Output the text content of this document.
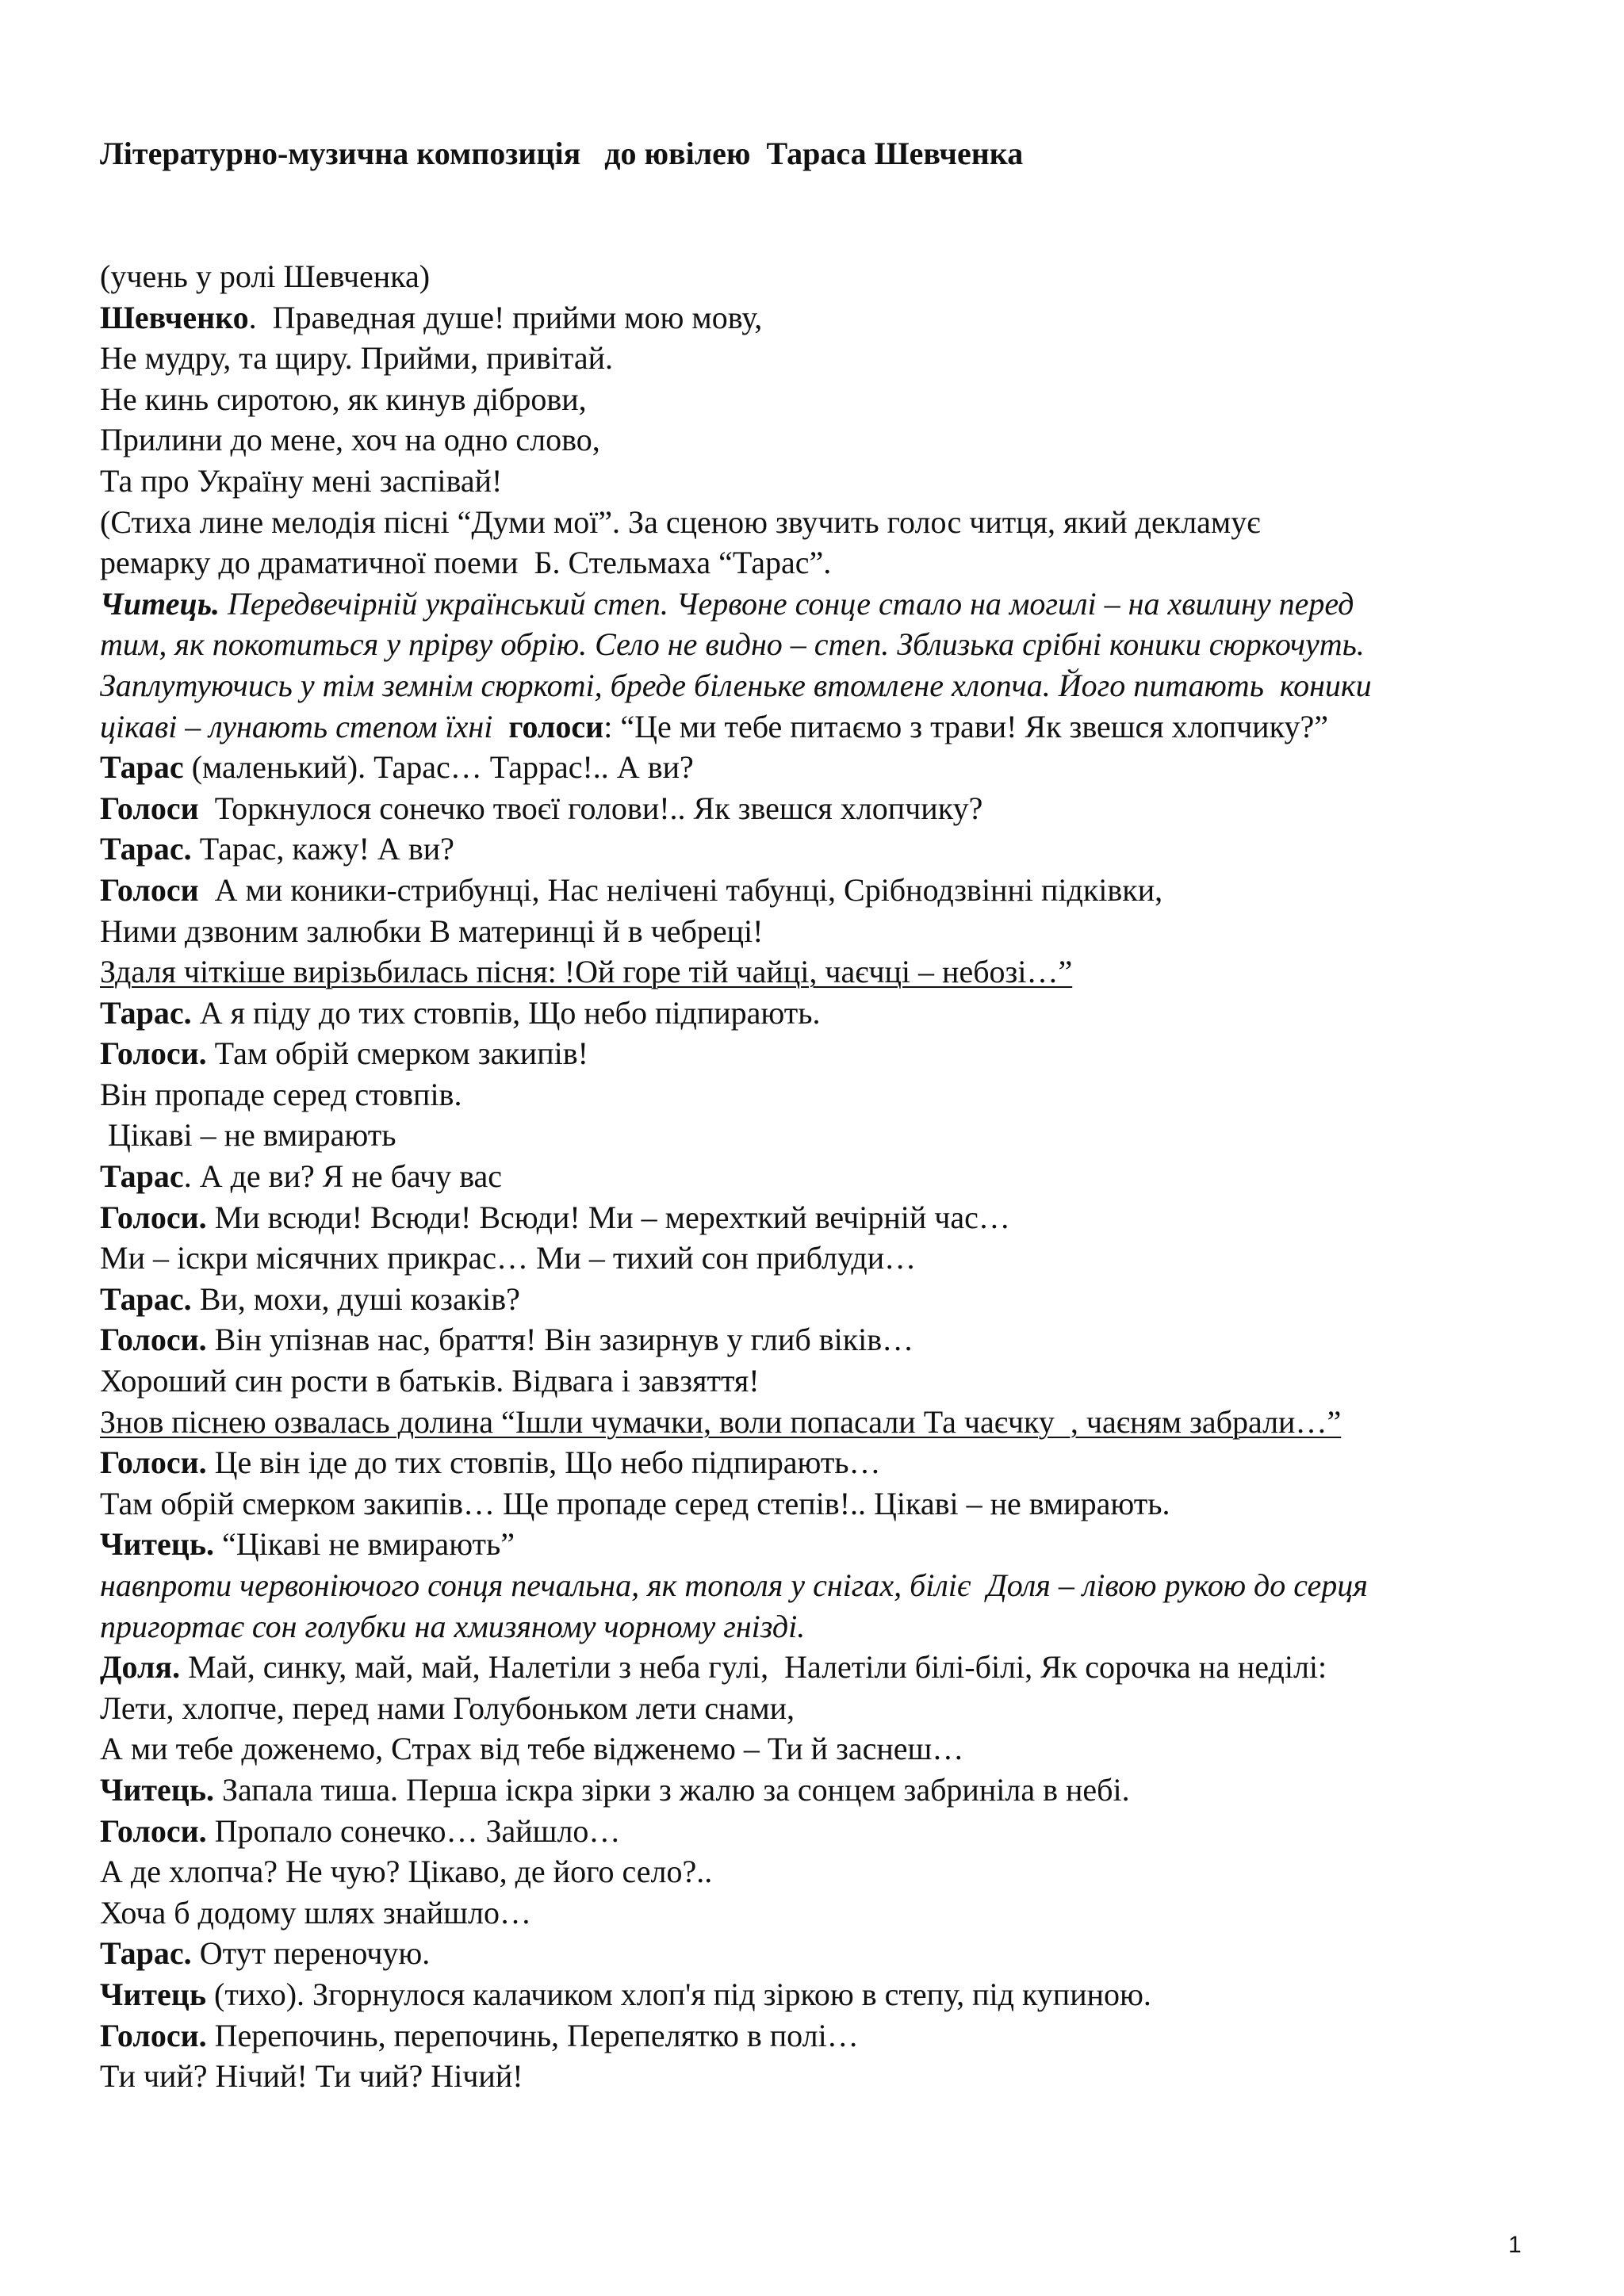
Літературно-музична композиція   до ювілею  Тараса Шевченка
(учень у ролі Шевченка)
Шевченко.  Праведная душе! прийми мою мову,
Не мудру, та щиру. Прийми, привітай.
Не кинь сиротою, як кинув діброви,
Прилини до мене, хоч на одно слово,
Та про Україну мені заспівай!
(Стиха лине мелодія пісні “Думи мої”. За сценою звучить голос читця, який декламує
ремарку до драматичної поеми  Б. Стельмаха “Тарас”.
Читець. Передвечірній український степ. Червоне сонце стало на могилі – на хвилину перед
тим, як покотиться у прірву обрію. Село не видно – степ. Зблизька срібні коники сюркочуть.
Заплутуючись у тім земнім сюркоті, бреде біленьке втомлене хлопча. Його питають  коники
цікаві – лунають степом їхні  голоси: “Це ми тебе питаємо з трави! Як звешся хлопчику?”
Тарас (маленький). Тарас… Таррас!.. А ви?
Голоси  Торкнулося сонечко твоєї голови!.. Як звешся хлопчику?
Тарас. Тарас, кажу! А ви?
Голоси  А ми коники-стрибунці, Нас нелічені табунці, Срібнодзвінні підківки,
Ними дзвоним залюбки В материнці й в чебреці!
Здаля чіткіше вирізьбилась пісня: !Ой горе тій чайці, чаєчці – небозі…”
Тарас. А я піду до тих стовпів, Що небо підпирають.
Голоси. Там обрій смерком закипів!
Він пропаде серед стовпів.
Цікаві – не вмирають
Тарас. А де ви? Я не бачу вас
Голоси. Ми всюди! Всюди! Всюди! Ми – мерехткий вечірній час…
Ми – іскри місячних прикрас… Ми – тихий сон приблуди…
Тарас. Ви, мохи, душі козаків?
Голоси. Він упізнав нас, браття! Він зазирнув у глиб віків…
Хороший син рости в батьків. Відвага і завзяття!
Знов піснею озвалась долина “Ішли чумачки, воли попасали Та чаєчку  , чаєням забрали…”
Голоси. Це він іде до тих стовпів, Що небо підпирають…
Там обрій смерком закипів… Ще пропаде серед степів!.. Цікаві – не вмирають.
Читець. “Цікаві не вмирають”
навпроти червоніючого сонця печальна, як тополя у снігах, біліє  Доля – лівою рукою до серця
пригортає сон голубки на хмизяному чорному гнізді.
Доля. Май, синку, май, май, Налетіли з неба гулі,  Налетіли білі-білі, Як сорочка на неділі:
Лети, хлопче, перед нами Голубоньком лети снами,
А ми тебе доженемо, Страх від тебе відженемо – Ти й заснеш…
Читець. Запала тиша. Перша іскра зірки з жалю за сонцем забриніла в небі.
Голоси. Пропало сонечко… Зайшло…
А де хлопча? Не чую? Цікаво, де його село?..
Хоча б додому шлях знайшло…
Тарас. Отут переночую.
Читець (тихо). Згорнулося калачиком хлоп'я під зіркою в степу, під купиною.
Голоси. Перепочинь, перепочинь, Перепелятко в полі…
Ти чий? Нічий! Ти чий? Нічий!
1
